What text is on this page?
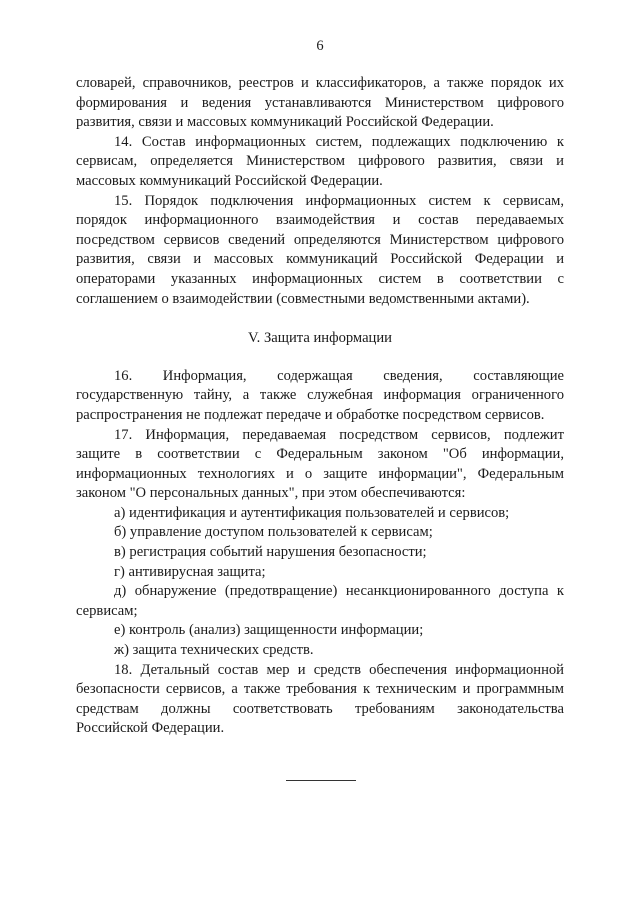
6

словарей, справочников, реестров и классификаторов, а также порядок их формирования и ведения устанавливаются Министерством цифрового развития, связи и массовых коммуникаций Российской Федерации.

14. Состав информационных систем, подлежащих подключению к сервисам, определяется Министерством цифрового развития, связи и массовых коммуникаций Российской Федерации.

15. Порядок подключения информационных систем к сервисам, порядок информационного взаимодействия и состав передаваемых посредством сервисов сведений определяются Министерством цифрового развития, связи и массовых коммуникаций Российской Федерации и операторами указанных информационных систем в соответствии с соглашением о взаимодействии (совместными ведомственными актами).

V. Защита информации

16. Информация, содержащая сведения, составляющие государственную тайну, а также служебная информация ограниченного распространения не подлежат передаче и обработке посредством сервисов.

17. Информация, передаваемая посредством сервисов, подлежит защите в соответствии с Федеральным законом "Об информации, информационных технологиях и о защите информации", Федеральным законом "О персональных данных", при этом обеспечиваются:

а) идентификация и аутентификация пользователей и сервисов;

б) управление доступом пользователей к сервисам;

в) регистрация событий нарушения безопасности;

г) антивирусная защита;

д) обнаружение (предотвращение) несанкционированного доступа к сервисам;

е) контроль (анализ) защищенности информации;

ж) защита технических средств.

18. Детальный состав мер и средств обеспечения информационной безопасности сервисов, а также требования к техническим и программным средствам должны соответствовать требованиям законодательства Российской Федерации.
